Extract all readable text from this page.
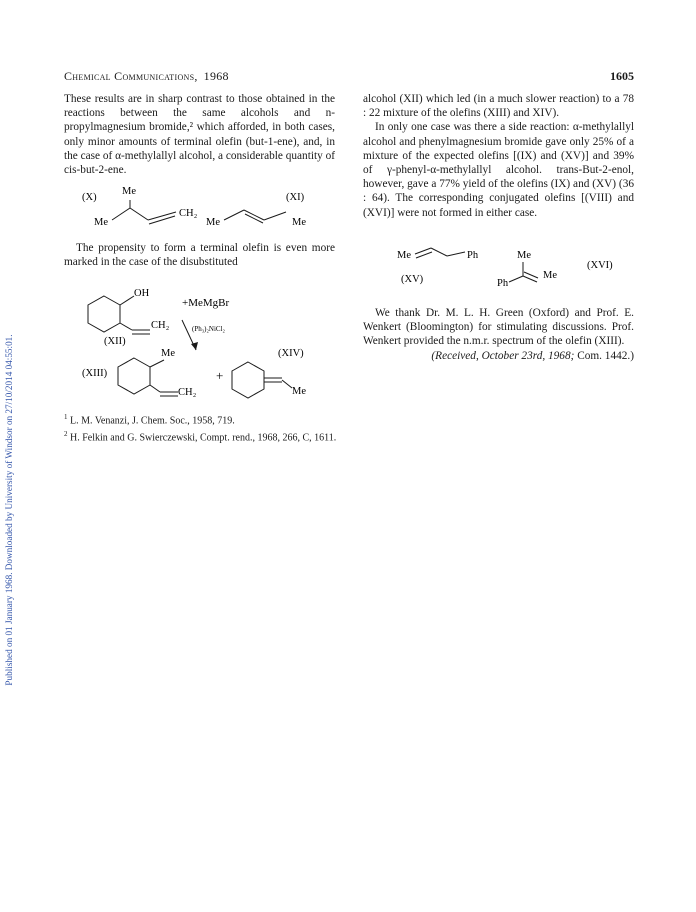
Published on 01 January 1968. Downloaded by University of Windsor on 27/10/2014 04:55:01.
Chemical Communications, 1968	1605

These results are in sharp contrast to those obtained in the reactions between the same alcohols and n-propylmagnesium bromide,² which afforded, in both cases, only minor amounts of terminal olefin (but-1-ene), and, in the case of α-methylallyl alcohol, a considerable quantity of cis-but-2-ene.

(X)
Me
Me
CH₂
(XI)
Me	Me
The propensity to form a terminal olefin is even more marked in the case of the disubstituted
OH
CH₂
(XII)
+MeMgBr
(Ph₃)₂NiCl₂
(XIII)
Me
CH₂
+
Me
(XIV)

alcohol (XII) which led (in a much slower reaction) to a 78 : 22 mixture of the olefins (XIII) and XIV).

In only one case was there a side reaction: α-methylallyl alcohol and phenylmagnesium bromide gave only 25% of a mixture of the expected olefins [(IX) and (XV)] and 39% of γ-phenyl-α-methylallyl alcohol. trans-But-2-enol, however, gave a 77% yield of the olefins (IX) and (XV) (36 : 64). The corresponding conjugated olefins [(VIII) and (XVI)] were not formed in either case.

Me	Ph
(XV)
Me
Ph
Me
(XVI)
We thank Dr. M. L. H. Green (Oxford) and Prof. E. Wenkert (Bloomington) for stimulating discussions. Prof. Wenkert provided the n.m.r. spectrum of the olefin (XIII).
(Received, October 23rd, 1968; Com. 1442.)
$^1$ L. M. Venanzi, J. Chem. Soc., 1958, 719.
$^2$ H. Felkin and G. Swierczewski, Compt. rend., 1968, 266, C, 1611.
